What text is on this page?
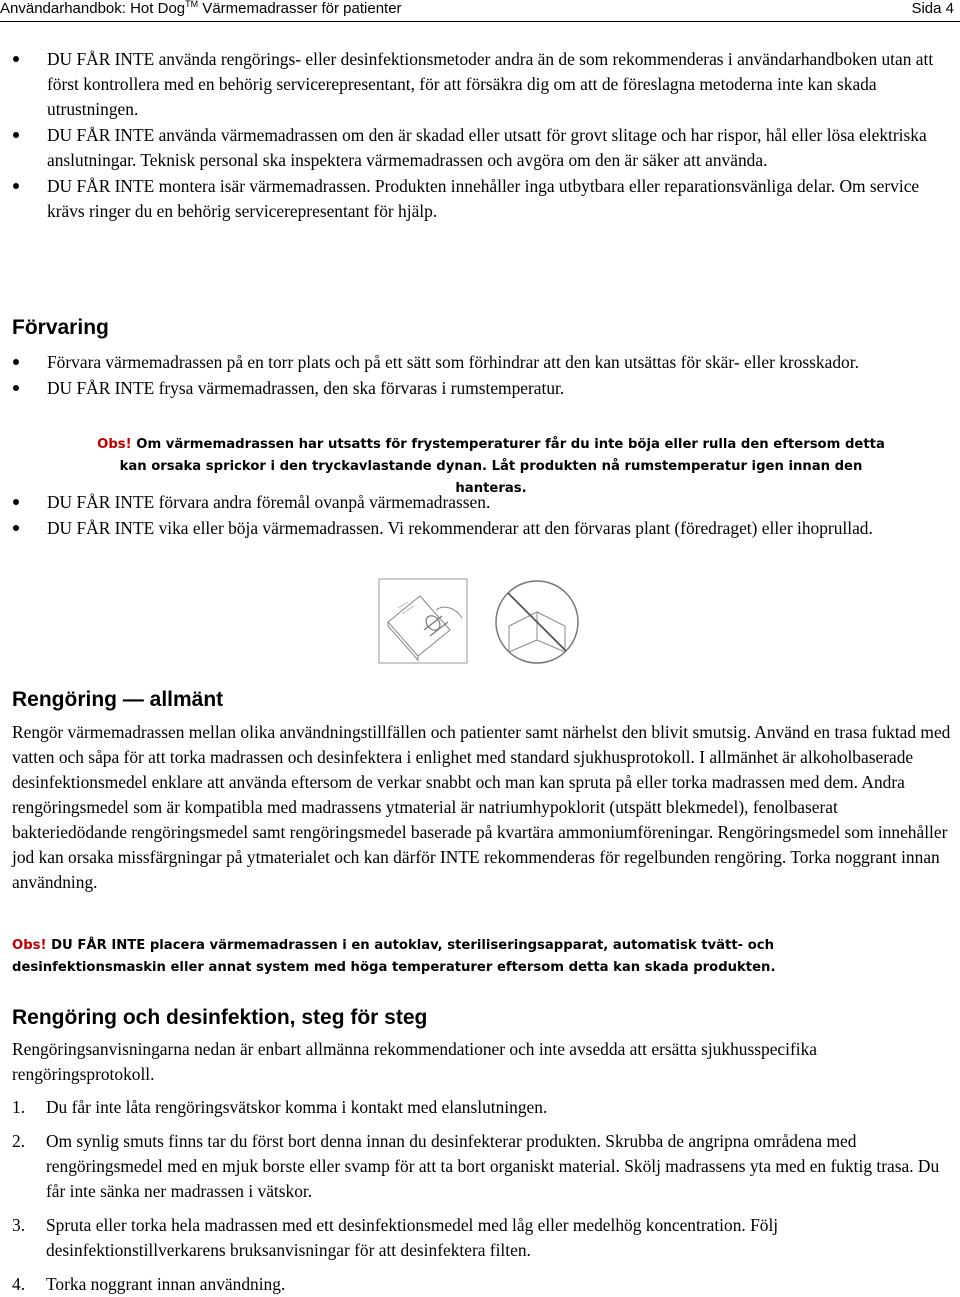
Användarhandbok: Hot Dog™ Värmemadrasser för patienter	Sida 4
DU FÅR INTE använda rengörings- eller desinfektionsmetoder andra än de som rekommenderas i användarhandboken utan att först kontrollera med en behörig servicerepresentant, för att försäkra dig om att de föreslagna metoderna inte kan skada utrustningen.
DU FÅR INTE använda värmemadrassen om den är skadad eller utsatt för grovt slitage och har rispor, hål eller lösa elektriska anslutningar. Teknisk personal ska inspektera värmemadrassen och avgöra om den är säker att använda.
DU FÅR INTE montera isär värmemadrassen. Produkten innehåller inga utbytbara eller reparationsvänliga delar. Om service krävs ringer du en behörig servicerepresentant för hjälp.
Förvaring
Förvara värmemadrassen på en torr plats och på ett sätt som förhindrar att den kan utsättas för skär- eller krosskador.
DU FÅR INTE frysa värmemadrassen, den ska förvaras i rumstemperatur.
Obs! Om värmemadrassen har utsatts för frystemperaturer får du inte böja eller rulla den eftersom detta kan orsaka sprickor i den tryckavlastande dynan. Låt produkten nå rumstemperatur igen innan den hanteras.
DU FÅR INTE förvara andra föremål ovanpå värmemadrassen.
DU FÅR INTE vika eller böja värmemadrassen. Vi rekommenderar att den förvaras plant (föredraget) eller ihoprullad.
Rengöring — allmänt
Rengör värmemadrassen mellan olika användningstillfällen och patienter samt närhelst den blivit smutsig. Använd en trasa fuktad med vatten och såpa för att torka madrassen och desinfektera i enlighet med standard sjukhusprotokoll. I allmänhet är alkoholbaserade desinfektionsmedel enklare att använda eftersom de verkar snabbt och man kan spruta på eller torka madrassen med dem. Andra rengöringsmedel som är kompatibla med madrassens ytmaterial är natriumhypoklorit (utspätt blekmedel), fenolbaserat bakteriedödande rengöringsmedel samt rengöringsmedel baserade på kvartära ammoniumföreningar. Rengöringsmedel som innehåller jod kan orsaka missfärgningar på ytmaterialet och kan därför INTE rekommenderas för regelbunden rengöring. Torka noggrant innan användning.
Obs! DU FÅR INTE placera värmemadrassen i en autoklav, steriliseringsapparat, automatisk tvätt- och desinfektionsmaskin eller annat system med höga temperaturer eftersom detta kan skada produkten.
Rengöring och desinfektion, steg för steg
Rengöringsanvisningarna nedan är enbart allmänna rekommendationer och inte avsedda att ersätta sjukhusspecifika rengöringsprotokoll.
1. Du får inte låta rengöringsvätskor komma i kontakt med elanslutningen.
2. Om synlig smuts finns tar du först bort denna innan du desinfekterar produkten. Skrubba de angripna områdena med rengöringsmedel med en mjuk borste eller svamp för att ta bort organiskt material. Skölj madrassens yta med en fuktig trasa. Du får inte sänka ner madrassen i vätskor.
3. Spruta eller torka hela madrassen med ett desinfektionsmedel med låg eller medelhög koncentration. Följ desinfektionstillverkarens bruksanvisningar för att desinfektera filten.
4. Torka noggrant innan användning.
